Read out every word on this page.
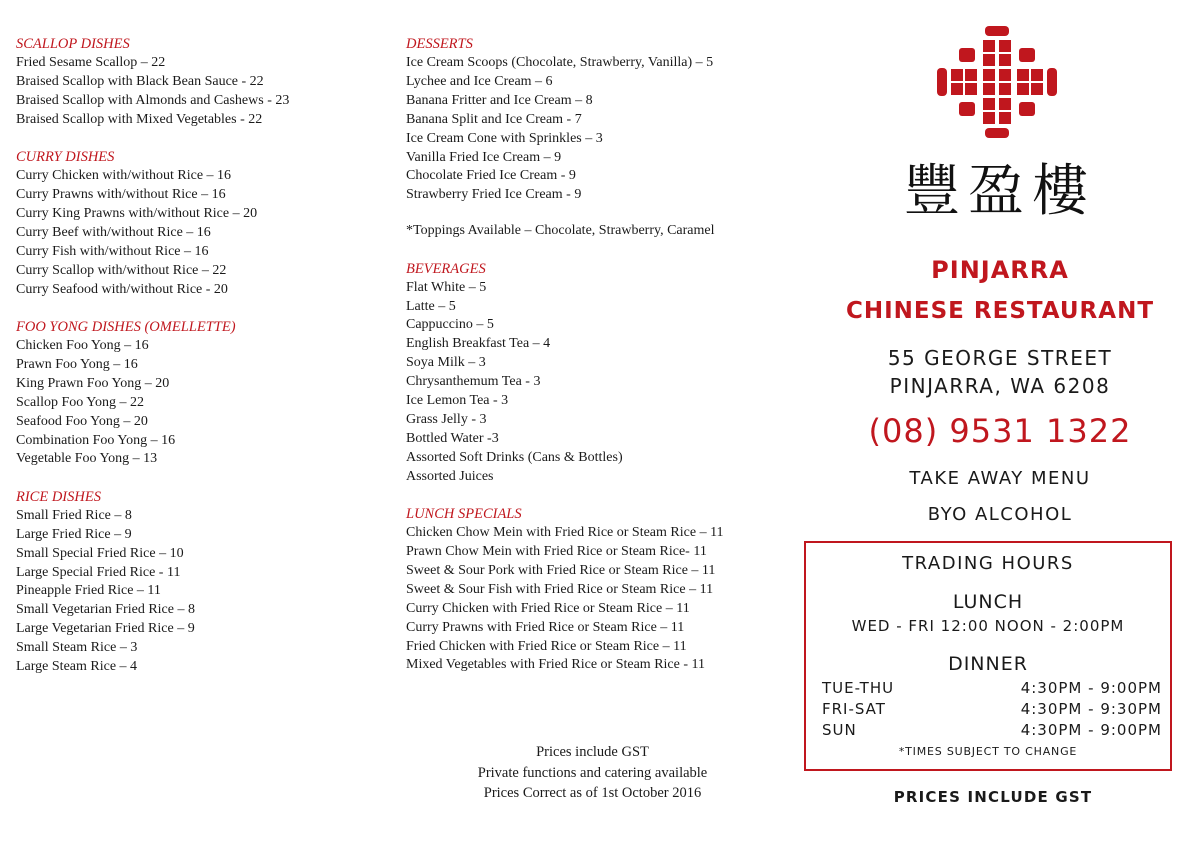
SCALLOP DISHES
Fried Sesame Scallop – 22
Braised Scallop with Black Bean Sauce - 22
Braised Scallop with Almonds and Cashews - 23
Braised Scallop with Mixed Vegetables - 22
CURRY DISHES
Curry Chicken with/without Rice – 16
Curry Prawns with/without Rice – 16
Curry King Prawns with/without Rice – 20
Curry Beef with/without Rice – 16
Curry Fish with/without Rice – 16
Curry Scallop with/without Rice – 22
Curry Seafood with/without Rice - 20
FOO YONG DISHES (OMELLETTE)
Chicken Foo Yong – 16
Prawn Foo Yong – 16
King Prawn Foo Yong – 20
Scallop Foo Yong – 22
Seafood Foo Yong – 20
Combination Foo Yong – 16
Vegetable Foo Yong – 13
RICE DISHES
Small Fried Rice – 8
Large Fried Rice – 9
Small Special Fried Rice – 10
Large Special Fried Rice - 11
Pineapple Fried Rice – 11
Small Vegetarian Fried Rice – 8
Large Vegetarian Fried Rice – 9
Small Steam Rice – 3
Large Steam Rice – 4
DESSERTS
Ice Cream Scoops (Chocolate, Strawberry, Vanilla) – 5
Lychee and Ice Cream – 6
Banana Fritter and Ice Cream – 8
Banana Split and Ice Cream - 7
Ice Cream Cone with Sprinkles – 3
Vanilla Fried Ice Cream – 9
Chocolate Fried Ice Cream - 9
Strawberry Fried Ice Cream - 9
*Toppings Available – Chocolate, Strawberry, Caramel
BEVERAGES
Flat White – 5
Latte – 5
Cappuccino – 5
English Breakfast Tea – 4
Soya Milk – 3
Chrysanthemum Tea - 3
Ice Lemon Tea - 3
Grass Jelly - 3
Bottled Water -3
Assorted Soft Drinks (Cans & Bottles)
Assorted Juices
LUNCH SPECIALS
Chicken Chow Mein with Fried Rice or Steam Rice – 11
Prawn Chow Mein with Fried Rice or Steam Rice- 11
Sweet & Sour Pork with Fried Rice or Steam Rice – 11
Sweet & Sour Fish with Fried Rice or Steam Rice – 11
Curry Chicken with Fried Rice or Steam Rice – 11
Curry Prawns with Fried Rice or Steam Rice – 11
Fried Chicken with Fried Rice or Steam Rice – 11
Mixed Vegetables with Fried Rice or Steam Rice - 11
Prices include GST
Private functions and catering available
Prices Correct as of 1st October 2016
豐盈樓
PINJARRA
CHINESE RESTAURANT
55 GEORGE STREET
PINJARRA, WA 6208
(08) 9531 1322
TAKE AWAY MENU
BYO ALCOHOL
TRADING HOURS
LUNCH
WED - FRI 12:00 NOON - 2:00PM
DINNER
TUE-THU	4:30PM - 9:00PM
FRI-SAT	4:30PM - 9:30PM
SUN	4:30PM - 9:00PM
*TIMES SUBJECT TO CHANGE
PRICES INCLUDE GST
